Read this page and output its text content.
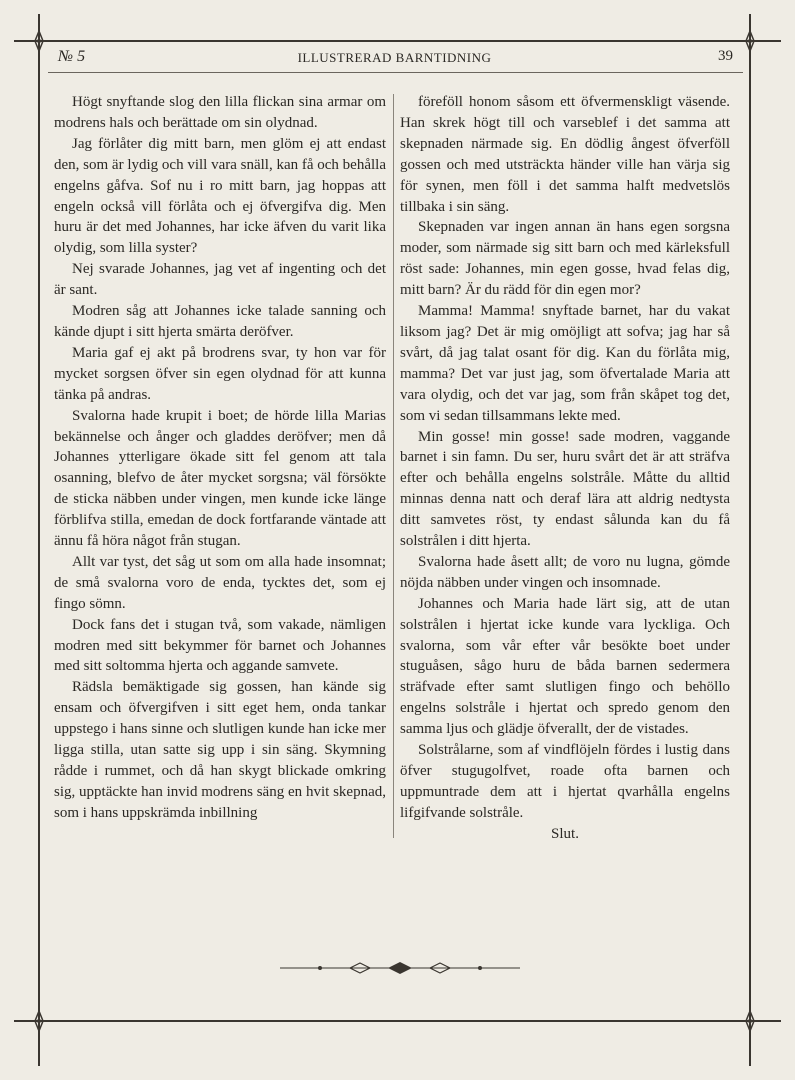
№ 5	ILLUSTRERAD BARNTIDNING	39

Högt snyftande slog den lilla flickan sina armar om modrens hals och berättade om sin olydnad.

Jag förlåter dig mitt barn, men glöm ej att endast den, som är lydig och vill vara snäll, kan få och behålla engelns gåfva. Sof nu i ro mitt barn, jag hoppas att engeln också vill förlåta och ej öfvergifva dig. Men huru är det med Johannes, har icke äfven du varit lika olydig, som lilla syster?

Nej svarade Johannes, jag vet af ingenting och det är sant.

Modren såg att Johannes icke talade sanning och kände djupt i sitt hjerta smärta deröfver.

Maria gaf ej akt på brodrens svar, ty hon var för mycket sorgsen öfver sin egen olydnad för att kunna tänka på andras.

Svalorna hade krupit i boet; de hörde lilla Marias bekännelse och ånger och gladdes deröfver; men då Johannes ytterligare ökade sitt fel genom att tala osanning, blefvo de åter mycket sorgsna; väl försökte de sticka näbben under vingen, men kunde icke länge förblifva stilla, emedan de dock fortfarande väntade att ännu få höra något från stugan.

Allt var tyst, det såg ut som om alla hade insomnat; de små svalorna voro de enda, tycktes det, som ej fingo sömn.

Dock fans det i stugan två, som vakade, nämligen modren med sitt bekymmer för barnet och Johannes med sitt soltomma hjerta och aggande samvete.

Rädsla bemäktigade sig gossen, han kände sig ensam och öfvergifven i sitt eget hem, onda tankar uppstego i hans sinne och slutligen kunde han icke mer ligga stilla, utan satte sig upp i sin säng. Skymning rådde i rummet, och då han skygt blickade omkring sig, upptäckte han invid modrens säng en hvit skepnad, som i hans uppskrämda inbillning

föreföll honom såsom ett öfvermenskligt väsende. Han skrek högt till och varseblef i det samma att skepnaden närmade sig. En dödlig ångest öfverföll gossen och med utsträckta händer ville han värja sig för synen, men föll i det samma halft medvetslös tillbaka i sin säng.

Skepnaden var ingen annan än hans egen sorgsna moder, som närmade sig sitt barn och med kärleksfull röst sade: Johannes, min egen gosse, hvad felas dig, mitt barn? Är du rädd för din egen mor?

Mamma! Mamma! snyftade barnet, har du vakat liksom jag? Det är mig omöjligt att sofva; jag har så svårt, då jag talat osant för dig. Kan du förlåta mig, mamma? Det var just jag, som öfvertalade Maria att vara olydig, och det var jag, som från skåpet tog det, som vi sedan tillsammans lekte med.

Min gosse! min gosse! sade modren, vaggande barnet i sin famn. Du ser, huru svårt det är att sträfva efter och behålla engelns solstråle. Måtte du alltid minnas denna natt och deraf lära att aldrig nedtysta ditt samvetes röst, ty endast sålunda kan du få solstrålen i ditt hjerta.

Svalorna hade åsett allt; de voro nu lugna, gömde nöjda näbben under vingen och insomnade.

Johannes och Maria hade lärt sig, att de utan solstrålen i hjertat icke kunde vara lyckliga. Och svalorna, som vår efter vår besökte boet under stuguåsen, sågo huru de båda barnen sedermera sträfvade efter samt slutligen fingo och behöllo engelns solstråle i hjertat och spredo genom den samma ljus och glädje öfverallt, der de vistades.

Solstrålarne, som af vindflöjeln fördes i lustig dans öfver stugugolfvet, roade ofta barnen och uppmuntrade dem att i hjertat qvarhålla engelns lifgifvande solstråle.

Slut.
